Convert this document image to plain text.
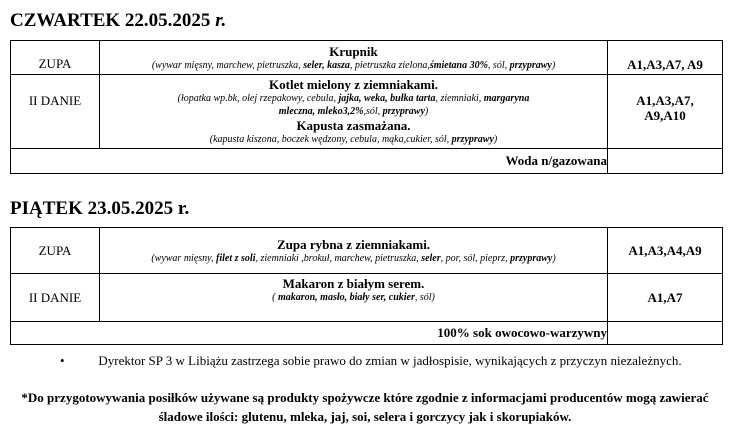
CZWARTEK 22.05.2025 r.
ZUPA	Krupnik
(wywar mięsny, marchew, pietruszka, seler, kasza, pietruszka zielona,śmietana 30%, sól, przyprawy)	A1,A3,A7, A9
II DANIE	Kotlet mielony z ziemniakami.
(łopatka wp.bk, olej rzepakowy, cebula, jajka, weka, bułka tarta, ziemniaki, margaryna mleczna, mleko3,2%,sól, przyprawy)
Kapusta zasmażana.
(kapusta kiszona, boczek wędzony, cebula, mąka,cukier, sól, przyprawy)	A1,A3,A7, A9,A10

Woda n/gazowana		
PIĄTEK 23.05.2025 r.
ZUPA	Zupa rybna z ziemniakami.
(wywar mięsny, filet z soli, ziemniaki ,brokuł, marchew, pietruszka, seler, por, sól, pieprz, przyprawy)	A1,A3,A4,A9
II DANIE	Makaron z białym serem.
( makaron, masło, biały ser, cukier, sól)	A1,A7
100% sok owocowo-warzywny		
•	Dyrektor SP 3 w Libiążu zastrzega sobie prawo do zmian w jadłospisie, wynikających z przyczyn niezależnych.
*Do przygotowywania posiłków używane są produkty spożywcze które zgodnie z informacjami producentów mogą zawierać śladowe ilości: glutenu, mleka, jaj, soi, selera i gorczycy jak i skorupiaków.
